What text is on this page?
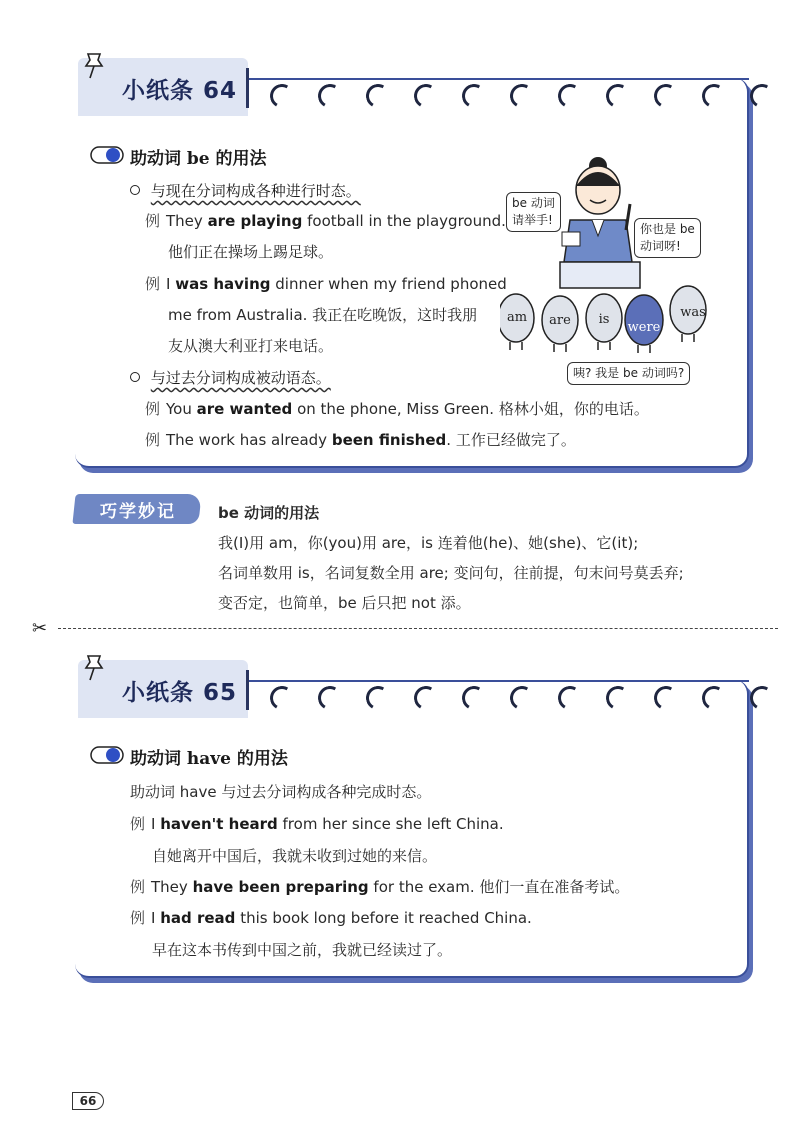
小纸条 64
助动词 be 的用法
与现在分词构成各种进行时态。
例 They are playing football in the playground.
他们正在操场上踢足球。
例 I was having dinner when my friend phoned
me from Australia. 我正在吃晚饭，这时我朋
友从澳大利亚打来电话。
与过去分词构成被动语态。
例 You are wanted on the phone, Miss Green. 格林小姐，你的电话。
例 The work has already been finished. 工作已经做完了。
be 动词
请举手!
你也是 be
动词呀!
咦? 我是 be 动词吗?
am	are	is
were
was
巧学妙记	be 动词的用法
我(I)用 am，你(you)用 are，is 连着他(he)、她(she)、它(it);
名词单数用 is，名词复数全用 are; 变问句，往前提，句末问号莫丢弃;
变否定，也简单，be 后只把 not 添。
✂
小纸条 65
助动词 have 的用法
助动词 have 与过去分词构成各种完成时态。
例 I haven't heard from her since she left China.
自她离开中国后，我就未收到过她的来信。
例 They have been preparing for the exam. 他们一直在准备考试。
例 I had read this book long before it reached China.
早在这本书传到中国之前，我就已经读过了。
66
